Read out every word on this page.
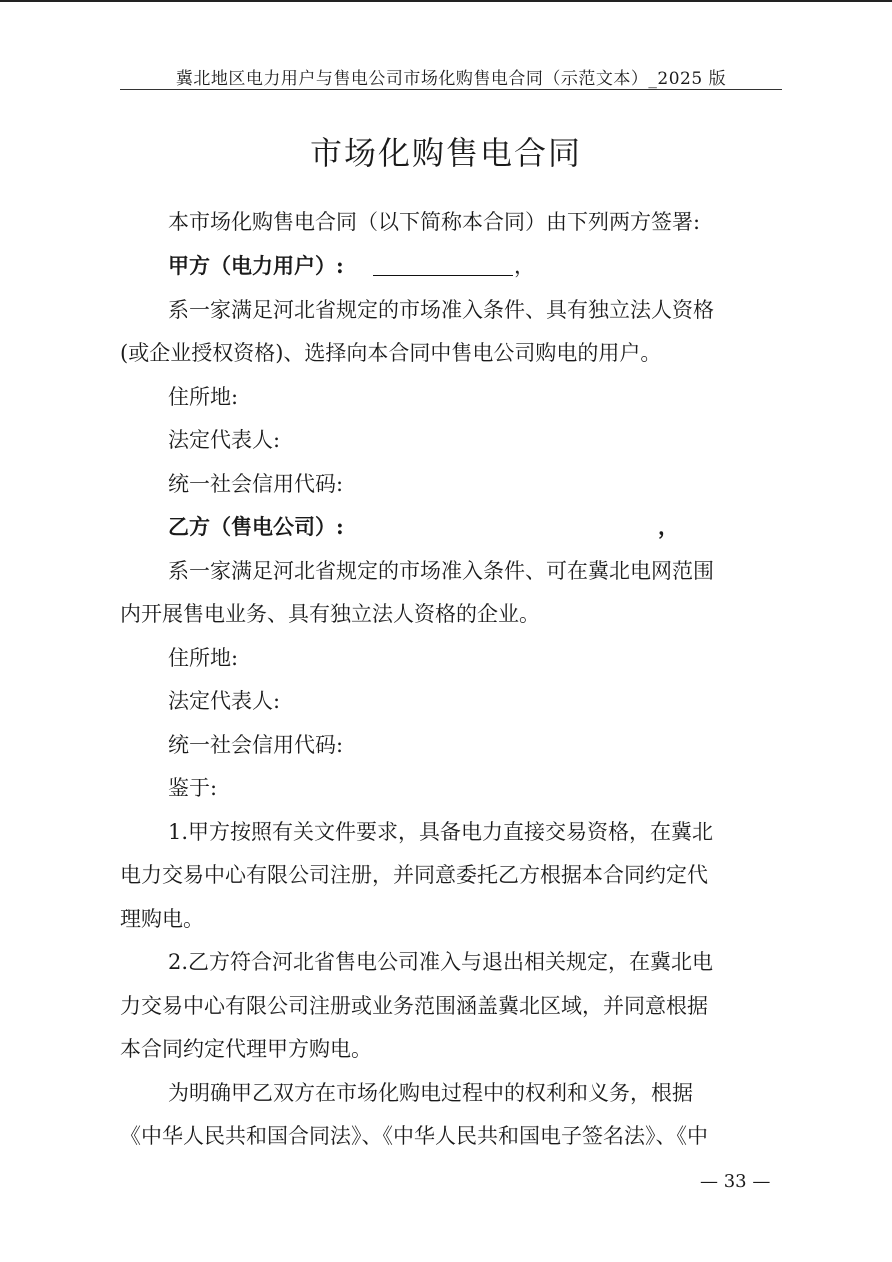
冀北地区电力用户与售电公司市场化购售电合同（示范文本）_2025 版
市场化购售电合同
本市场化购售电合同（以下简称本合同）由下列两方签署:
甲方（电力用户）:	，
系一家满足河北省规定的市场准入条件、具有独立法人资格
(或企业授权资格)、选择向本合同中售电公司购电的用户。
住所地:
法定代表人:
统一社会信用代码:
乙方（售电公司）:	，
系一家满足河北省规定的市场准入条件、可在冀北电网范围
内开展售电业务、具有独立法人资格的企业。
住所地:
法定代表人:
统一社会信用代码:
鉴于:
1.甲方按照有关文件要求，具备电力直接交易资格，在冀北
电力交易中心有限公司注册，并同意委托乙方根据本合同约定代
理购电。
2.乙方符合河北省售电公司准入与退出相关规定，在冀北电
力交易中心有限公司注册或业务范围涵盖冀北区域，并同意根据
本合同约定代理甲方购电。
为明确甲乙双方在市场化购电过程中的权利和义务，根据
《中华人民共和国合同法》、《中华人民共和国电子签名法》、《中
— 33 —
